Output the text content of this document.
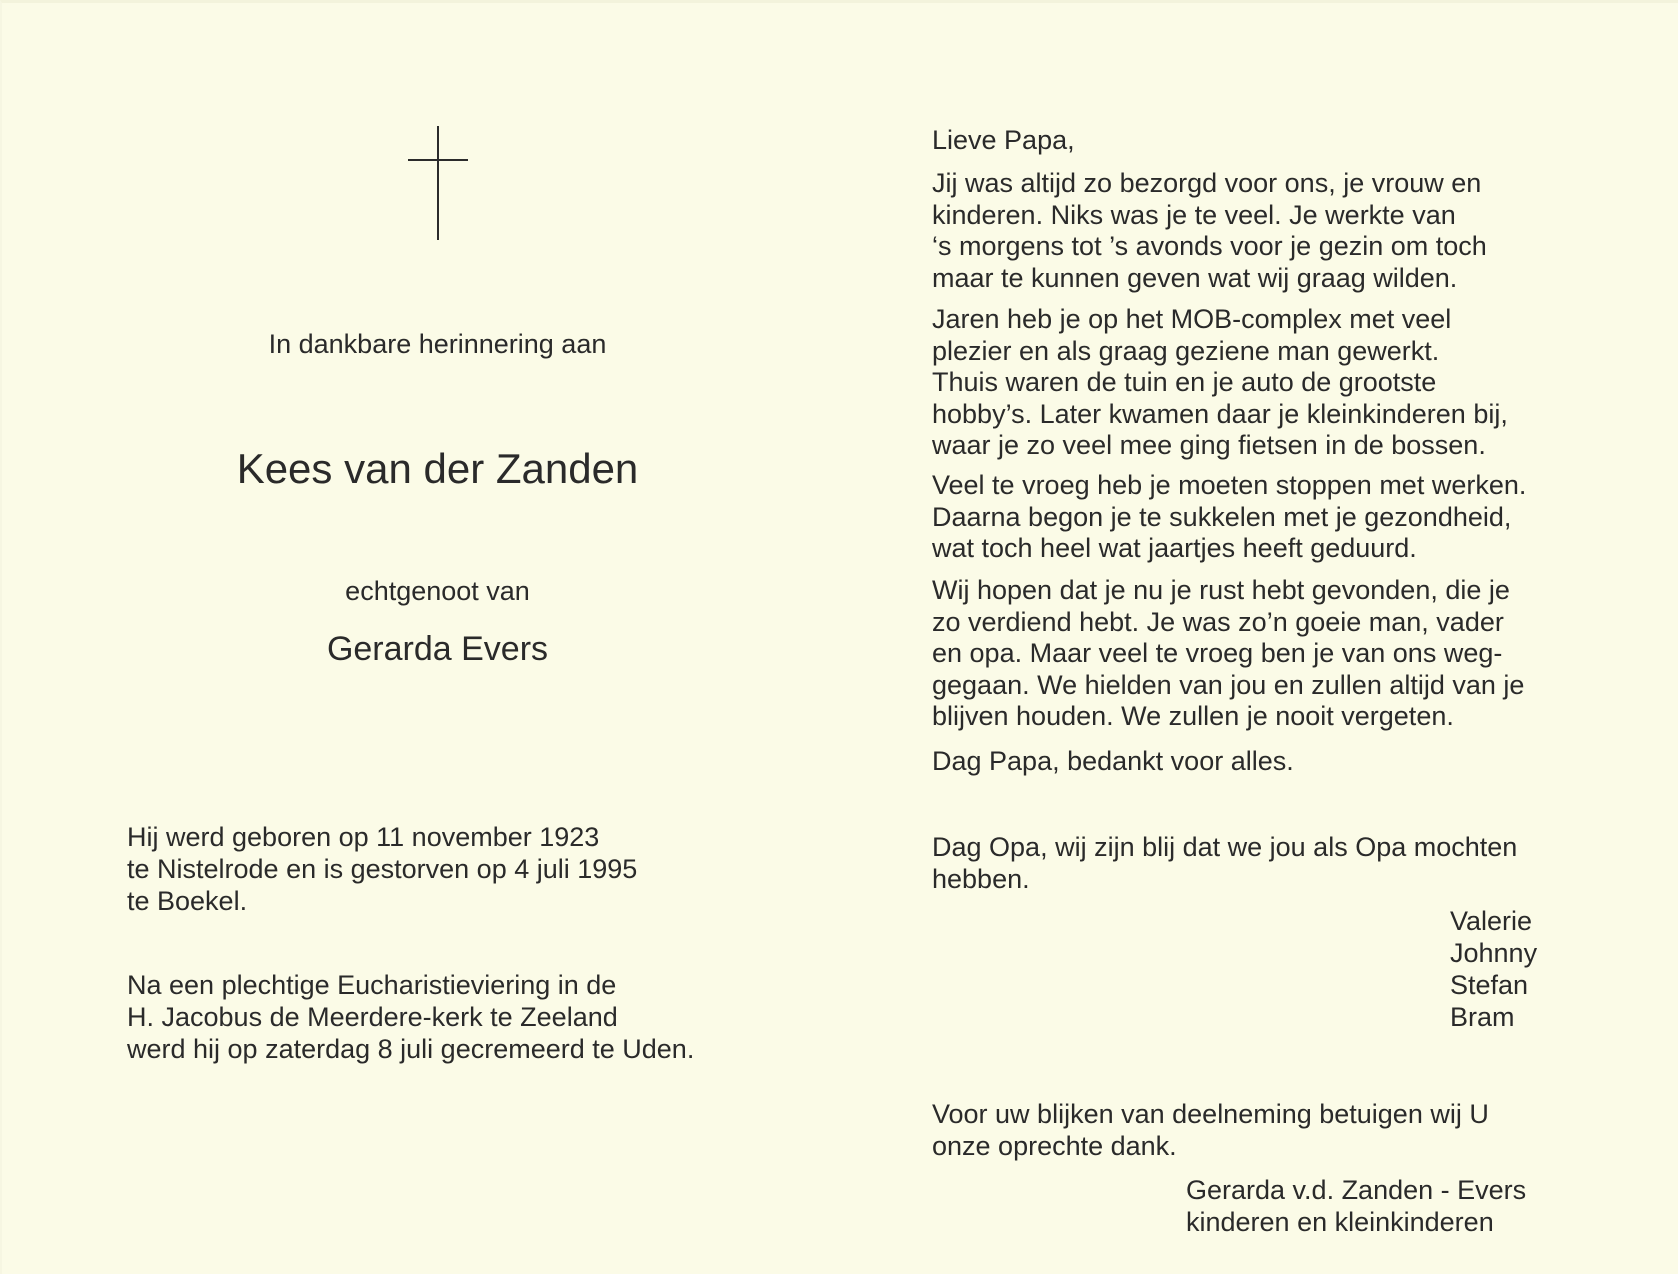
In dankbare herinnering aan
Kees van der Zanden
echtgenoot van
Gerarda Evers
Hij werd geboren op 11 november 1923
te Nistelrode en is gestorven op 4 juli 1995
te Boekel.
Na een plechtige Eucharistieviering in de
H. Jacobus de Meerdere-kerk te Zeeland
werd hij op zaterdag 8 juli gecremeerd te Uden.
Lieve Papa,
Jij was altijd zo bezorgd voor ons, je vrouw en
kinderen. Niks was je te veel. Je werkte van
‘s morgens tot ’s avonds voor je gezin om toch
maar te kunnen geven wat wij graag wilden.
Jaren heb je op het MOB-complex met veel
plezier en als graag geziene man gewerkt.
Thuis waren de tuin en je auto de grootste
hobby’s. Later kwamen daar je kleinkinderen bij,
waar je zo veel mee ging fietsen in de bossen.
Veel te vroeg heb je moeten stoppen met werken.
Daarna begon je te sukkelen met je gezondheid,
wat toch heel wat jaartjes heeft geduurd.
Wij hopen dat je nu je rust hebt gevonden, die je
zo verdiend hebt. Je was zo’n goeie man, vader
en opa. Maar veel te vroeg ben je van ons weg-
gegaan. We hielden van jou en zullen altijd van je
blijven houden. We zullen je nooit vergeten.
Dag Papa, bedankt voor alles.
Dag Opa, wij zijn blij dat we jou als Opa mochten
hebben.
Valerie
Johnny
Stefan
Bram
Voor uw blijken van deelneming betuigen wij U
onze oprechte dank.
Gerarda v.d. Zanden - Evers
kinderen en kleinkinderen
